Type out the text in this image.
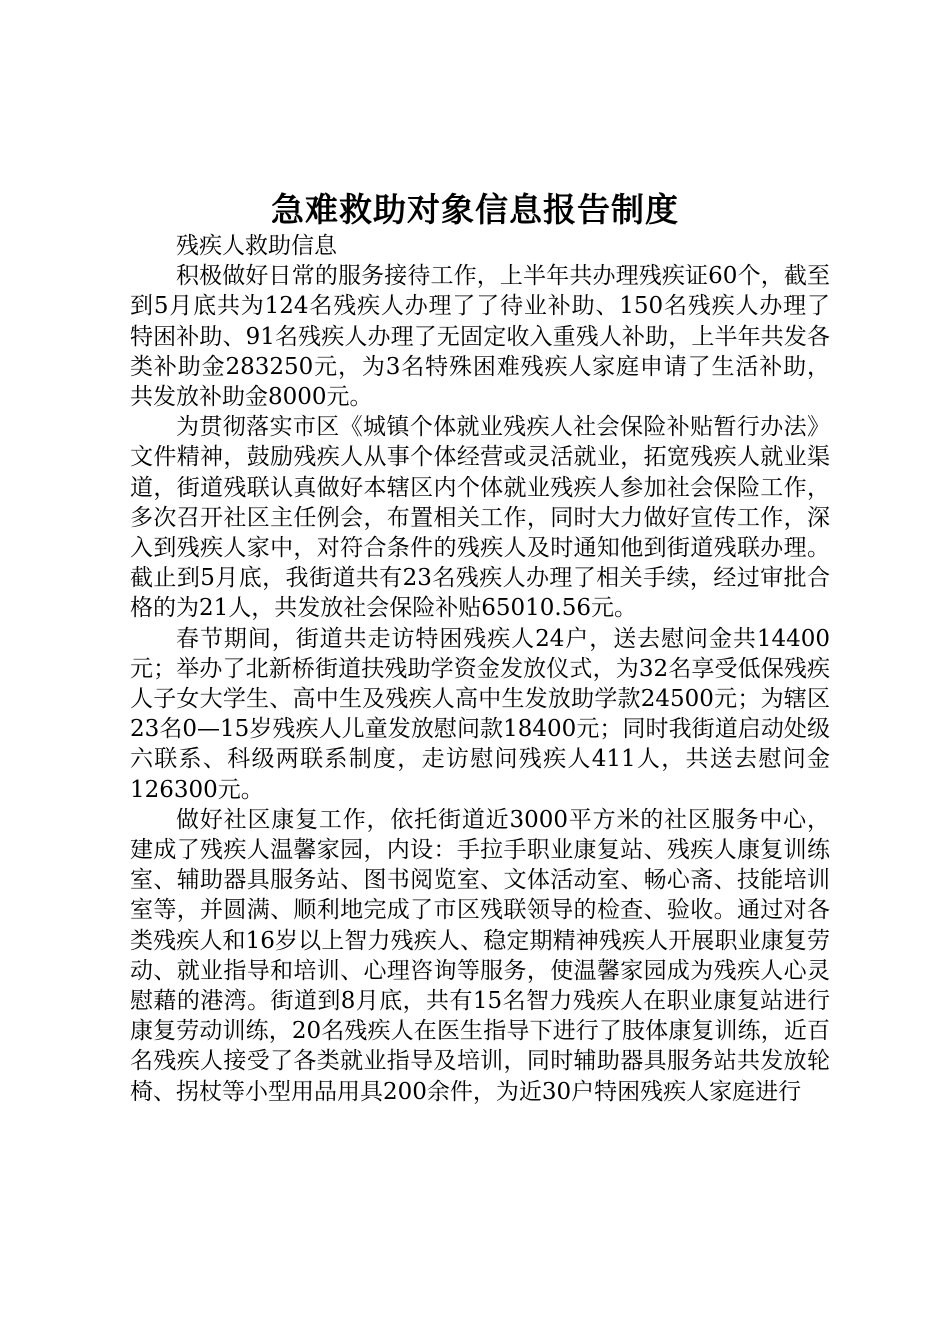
急难救助对象信息报告制度

残疾人救助信息

积极做好日常的服务接待工作，上半年共办理残疾证60个，截至到5月底共为124名残疾人办理了了待业补助、150名残疾人办理了特困补助、91名残疾人办理了无固定收入重残人补助，上半年共发各类补助金283250元，为3名特殊困难残疾人家庭申请了生活补助，共发放补助金8000元。

为贯彻落实市区《城镇个体就业残疾人社会保险补贴暂行办法》文件精神，鼓励残疾人从事个体经营或灵活就业，拓宽残疾人就业渠道，街道残联认真做好本辖区内个体就业残疾人参加社会保险工作，多次召开社区主任例会，布置相关工作，同时大力做好宣传工作，深入到残疾人家中，对符合条件的残疾人及时通知他到街道残联办理。截止到5月底，我街道共有23名残疾人办理了相关手续，经过审批合格的为21人，共发放社会保险补贴65010.56元。

春节期间，街道共走访特困残疾人24户，送去慰问金共14400元；举办了北新桥街道扶残助学资金发放仪式，为32名享受低保残疾人子女大学生、高中生及残疾人高中生发放助学款24500元；为辖区23名0—15岁残疾人儿童发放慰问款18400元；同时我街道启动处级六联系、科级两联系制度，走访慰问残疾人411人，共送去慰问金126300元。

做好社区康复工作，依托街道近3000平方米的社区服务中心，建成了残疾人温馨家园，内设：手拉手职业康复站、残疾人康复训练室、辅助器具服务站、图书阅览室、文体活动室、畅心斋、技能培训室等，并圆满、顺利地完成了市区残联领导的检查、验收。通过对各类残疾人和16岁以上智力残疾人、稳定期精神残疾人开展职业康复劳动、就业指导和培训、心理咨询等服务，使温馨家园成为残疾人心灵慰藉的港湾。街道到8月底，共有15名智力残疾人在职业康复站进行康复劳动训练，20名残疾人在医生指导下进行了肢体康复训练，近百名残疾人接受了各类就业指导及培训，同时辅助器具服务站共发放轮椅、拐杖等小型用品用具200余件，为近30户特困残疾人家庭进行
